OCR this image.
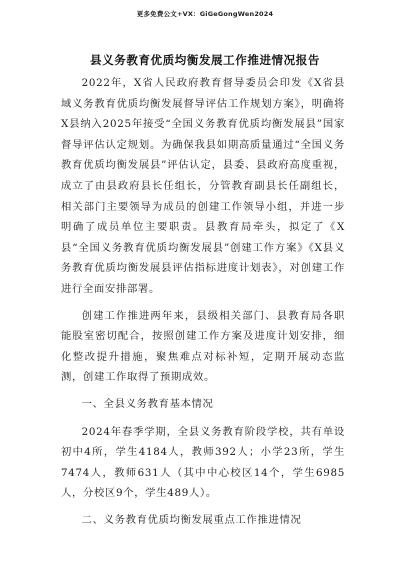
更多免费公文+VX：GiGeGongWen2024
县义务教育优质均衡发展工作推进情况报告

2022年，X省人民政府教育督导委员会印发《X省县域义务教育优质均衡发展督导评估工作规划方案》，明确将X县纳入2025年接受“全国义务教育优质均衡发展县”国家督导评估认定规划。为确保我县如期高质量通过“全国义务教育优质均衡发展县”评估认定，县委、县政府高度重视，成立了由县政府县长任组长，分管教育副县长任副组长，相关部门主要领导为成员的创建工作领导小组，并进一步明确了成员单位主要职责。县教育局牵头，拟定了《X县“全国义务教育优质均衡发展县”创建工作方案》《X县义务教育优质均衡发展县评估指标进度计划表》，对创建工作进行全面安排部署。

创建工作推进两年来，县级相关部门、县教育局各职能股室密切配合，按照创建工作方案及进度计划安排，细化整改提升措施，聚焦难点对标补短，定期开展动态监测，创建工作取得了预期成效。

一、全县义务教育基本情况

2024年春季学期，全县义务教育阶段学校，共有单设初中4所，学生4184人，教师392人；小学23所，学生7474人，教师631人（其中中心校区14个，学生6985人，分校区9个，学生489人）。

二、义务教育优质均衡发展重点工作推进情况
